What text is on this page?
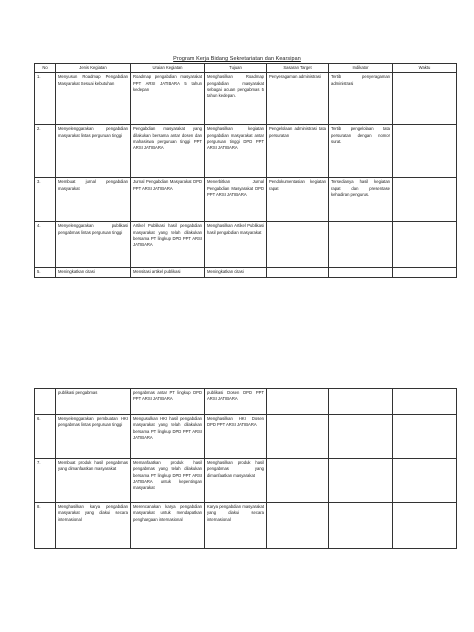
Program Kerja Bidang Sekretariatan dan Kearsipan
No	Jenis Kegiatan	Uraian Kegiatan	Tujuan	Sasaran Target	Indikator	Waktu
1.	Menyusun Roadmap Pengabdian Masyarakat Sesuai kebutuhan	Roadmap pengabdian masyarakat PPT ARSI JATIBARA 5 tahun kedepan	Menghasilkan Roadmap pengabdian masyarakat sebagai acuan pengabmas 5 tahun kedepan.	Penyeragaman administrasi	Tertib penyeragaman administrasi	
2.	Menyelenggarakan pengabdian masyarakat lintas perguruan tinggi	Pengabdian masyarakat yang dilakukan bersama antar dosen dan mahasiswa perguruan tinggi PPT ARSI JATIBARA	Menghasilkan kegiatan pengabdian masyarakat antar perguruan tinggi DPD PPT ARSI JATIBARA	Pengelolaan administrasi tata persuratan	Tertib pengelolaan tata persuratan dengan nomor surat.	
3.	Membuat jurnal pengabdian masyarakat	Jurnal Pengabdian Masyarakat DPD PPT ARSI JATIBARA	Menerbitkan Jurnal Pengabdian Masyarakat DPD PPT ARSI JATIBARA	Pendokumentasian kegiatan rapat	Tersedianya hasil kegiatan rapat dan presentase kehadiran pengurus.	
4.	Menyelenggarakan publikasi pengabmas lintas perguruan tinggi	Artikel Publikasi hasil pengabdian masyarakat yang telah dilakukan bersama PT lingkup DPD PPT ARSI JATIBARA	Menghasilkan Artikel Publikasi hasil pengabdian masyarakat			
5.	Meningkatkan citasi	Mensitasi artikel publikasi	Meningkatkan citasi			
	publikasi pengabmas	pengabmas antar PT lingkup DPD PPT ARSI JATIBARA	publikasi Dosen DPD PPT ARSI JATIBARA			
6.	Menyelenggarakan pembuatan HKI pengabmas lintas perguruan tinggi	Mengusulkan HKI hasil pengabdian masyarakat yang telah dilakukan bersama PT lingkup DPD PPT ARSI JATIBARA	Menghasilkan HKI Dosen DPD PPT ARSI JATIBARA			
7.	Membuat produk hasil pengabmas yang dimanfaatkan masyarakat	Memanfaatkan produk hasil pengabmas yang telah dilakukan bersama PT lingkup DPD PPT ARSI JATIBARA untuk kepentingan masyarakat	Menghasilkan produk hasil pengabmas yang dimanfaatkan masyarakat			
8.	Menghasilkan karya pengabdian masyarakat yang diakui secara internasional	Merencanakan karya pengabdian masyarakat untuk mendapatkan penghargaan internasional	Karya pengabdian masyarakat yang diakui secara internasional			
